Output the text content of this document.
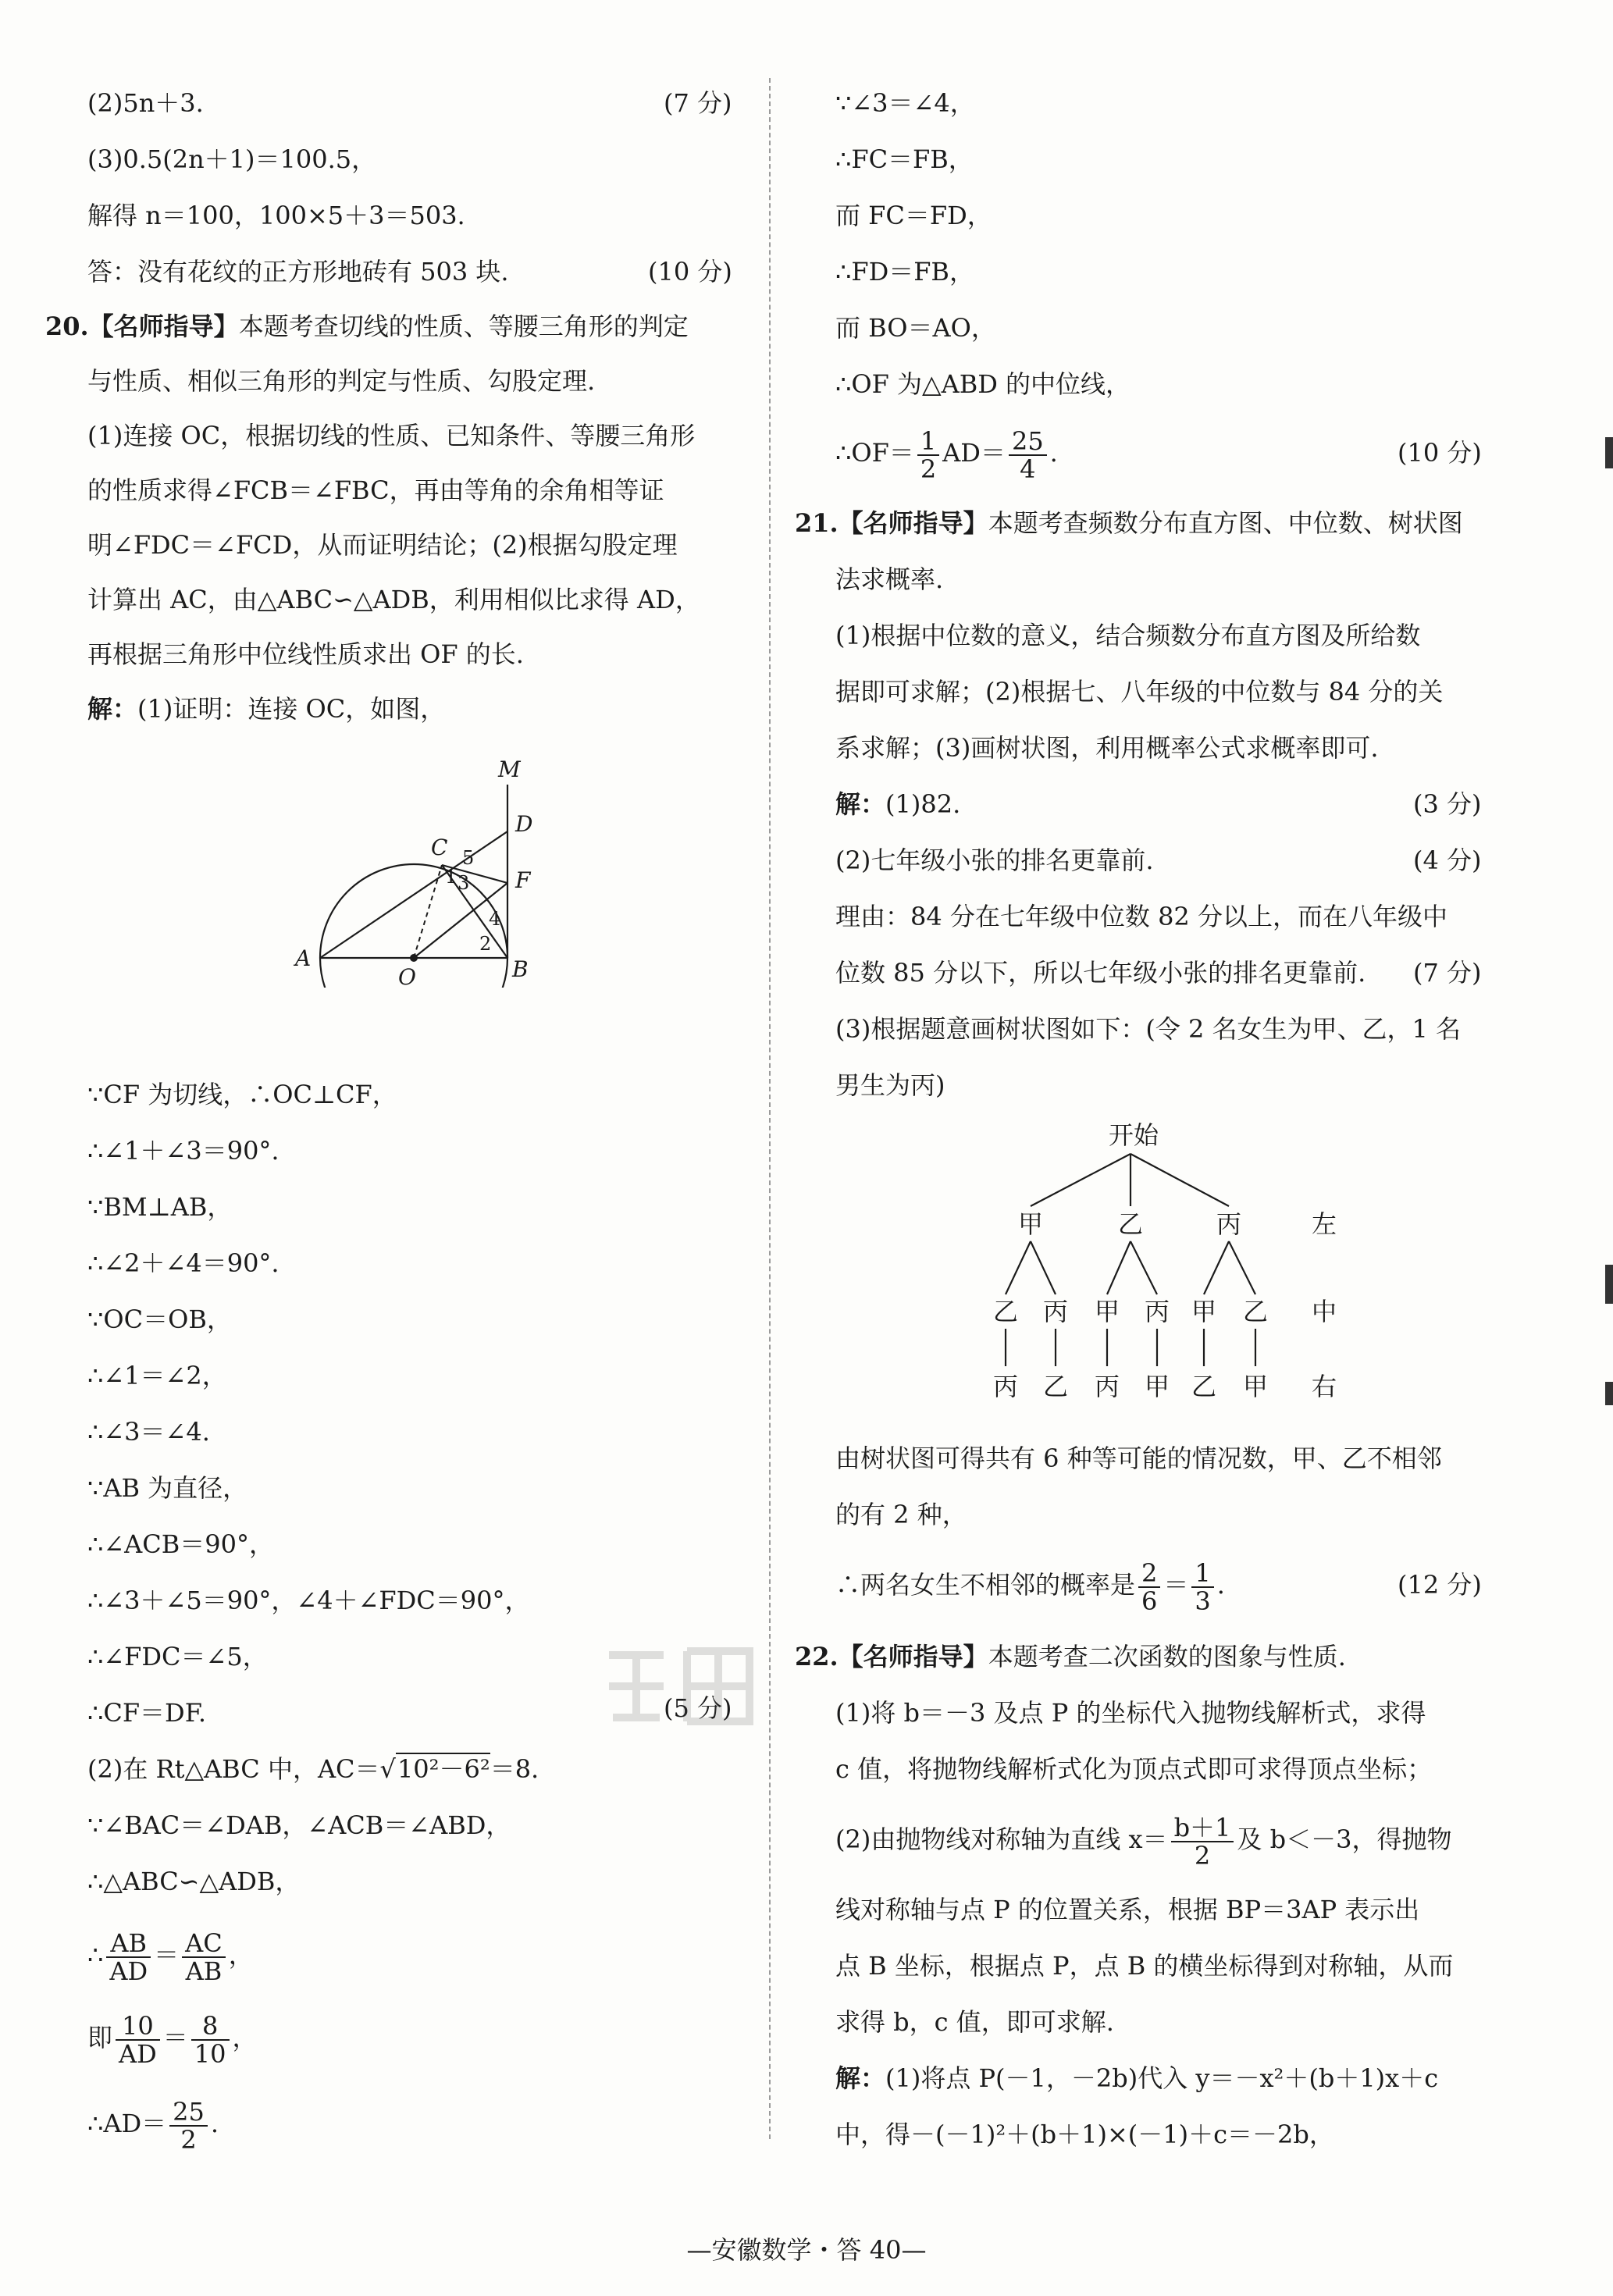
(2)5n＋3.	(7 分)
(3)0.5(2n＋1)＝100.5，
解得 n＝100，100×5＋3＝503.
答：没有花纹的正方形地砖有 503 块.	(10 分)
20.【名师指导】本题考查切线的性质、等腰三角形的判定
与性质、相似三角形的判定与性质、勾股定理.
(1)连接 OC，根据切线的性质、已知条件、等腰三角形
的性质求得∠FCB＝∠FBC，再由等角的余角相等证
明∠FDC＝∠FCD，从而证明结论；(2)根据勾股定理
计算出 AC，由△ABC∽△ADB，利用相似比求得 AD，
再根据三角形中位线性质求出 OF 的长.
解：(1)证明：连接 OC，如图，
M
D
C
F
A
O	B
1
2
3
4
5
∵CF 为切线，∴OC⊥CF，
∴∠1＋∠3＝90°.
∵BM⊥AB，
∴∠2＋∠4＝90°.
∵OC＝OB，
∴∠1＝∠2，
∴∠3＝∠4.
∵AB 为直径，
∴∠ACB＝90°，
∴∠3＋∠5＝90°，∠4＋∠FDC＝90°，
∴∠FDC＝∠5，
∴CF＝DF.	(5 分)
(2)在 Rt△ABC 中，AC＝√10²－6²＝8.
∵∠BAC＝∠DAB，∠ACB＝∠ABD，
∴△ABC∽△ADB，
∴ $\frac{AB}{AD} = \frac{AC}{AB}$ ，
即 $\frac{10}{AD} = \frac{8}{10}$ ，
∴AD＝ $\frac{25}{2}$ .
∵∠3＝∠4，
∴FC＝FB，
而 FC＝FD，
∴FD＝FB，
而 BO＝AO，
∴OF 为△ABD 的中位线，
∴OF＝ $\frac{1}{2} AD= \frac{25}{4}$ .	(10 分)
21.【名师指导】本题考查频数分布直方图、中位数、树状图
法求概率.
(1)根据中位数的意义，结合频数分布直方图及所给数
据即可求解；(2)根据七、八年级的中位数与 84 分的关
系求解；(3)画树状图，利用概率公式求概率即可.
解：(1)82.	(3 分)
(2)七年级小张的排名更靠前.	(4 分)
理由：84 分在七年级中位数 82 分以上，而在八年级中
位数 85 分以下，所以七年级小张的排名更靠前. (7 分)
(3)根据题意画树状图如下：(令 2 名女生为甲、乙，1 名
男生为丙)
开始
甲	乙	丙	左
乙 丙 甲 丙 甲 乙 中
丙 乙 丙 甲 乙 甲 右
由树状图可得共有 6 种等可能的情况数，甲、乙不相邻
的有 2 种，
∴两名女生不相邻的概率是 $\frac{2}{6} = \frac{1}{3}$ .	(12 分)
22.【名师指导】本题考查二次函数的图象与性质.
(1)将 b＝－3 及点 P 的坐标代入抛物线解析式，求得
c 值，将抛物线解析式化为顶点式即可求得顶点坐标；
(2)由抛物线对称轴为直线 $x= \frac{b+1}{2}$ 及 b＜－3，得抛物
线对称轴与点 P 的位置关系，根据 BP＝3AP 表示出
点 B 坐标，根据点 P，点 B 的横坐标得到对称轴，从而
求得 b，c 值，即可求解.
解：(1)将点 P(－1，－2b)代入 y＝－x²＋(b＋1)x＋c
中，得－(－1)²＋(b＋1)×(－1)＋c＝－2b，
—安徽数学・答 40—
